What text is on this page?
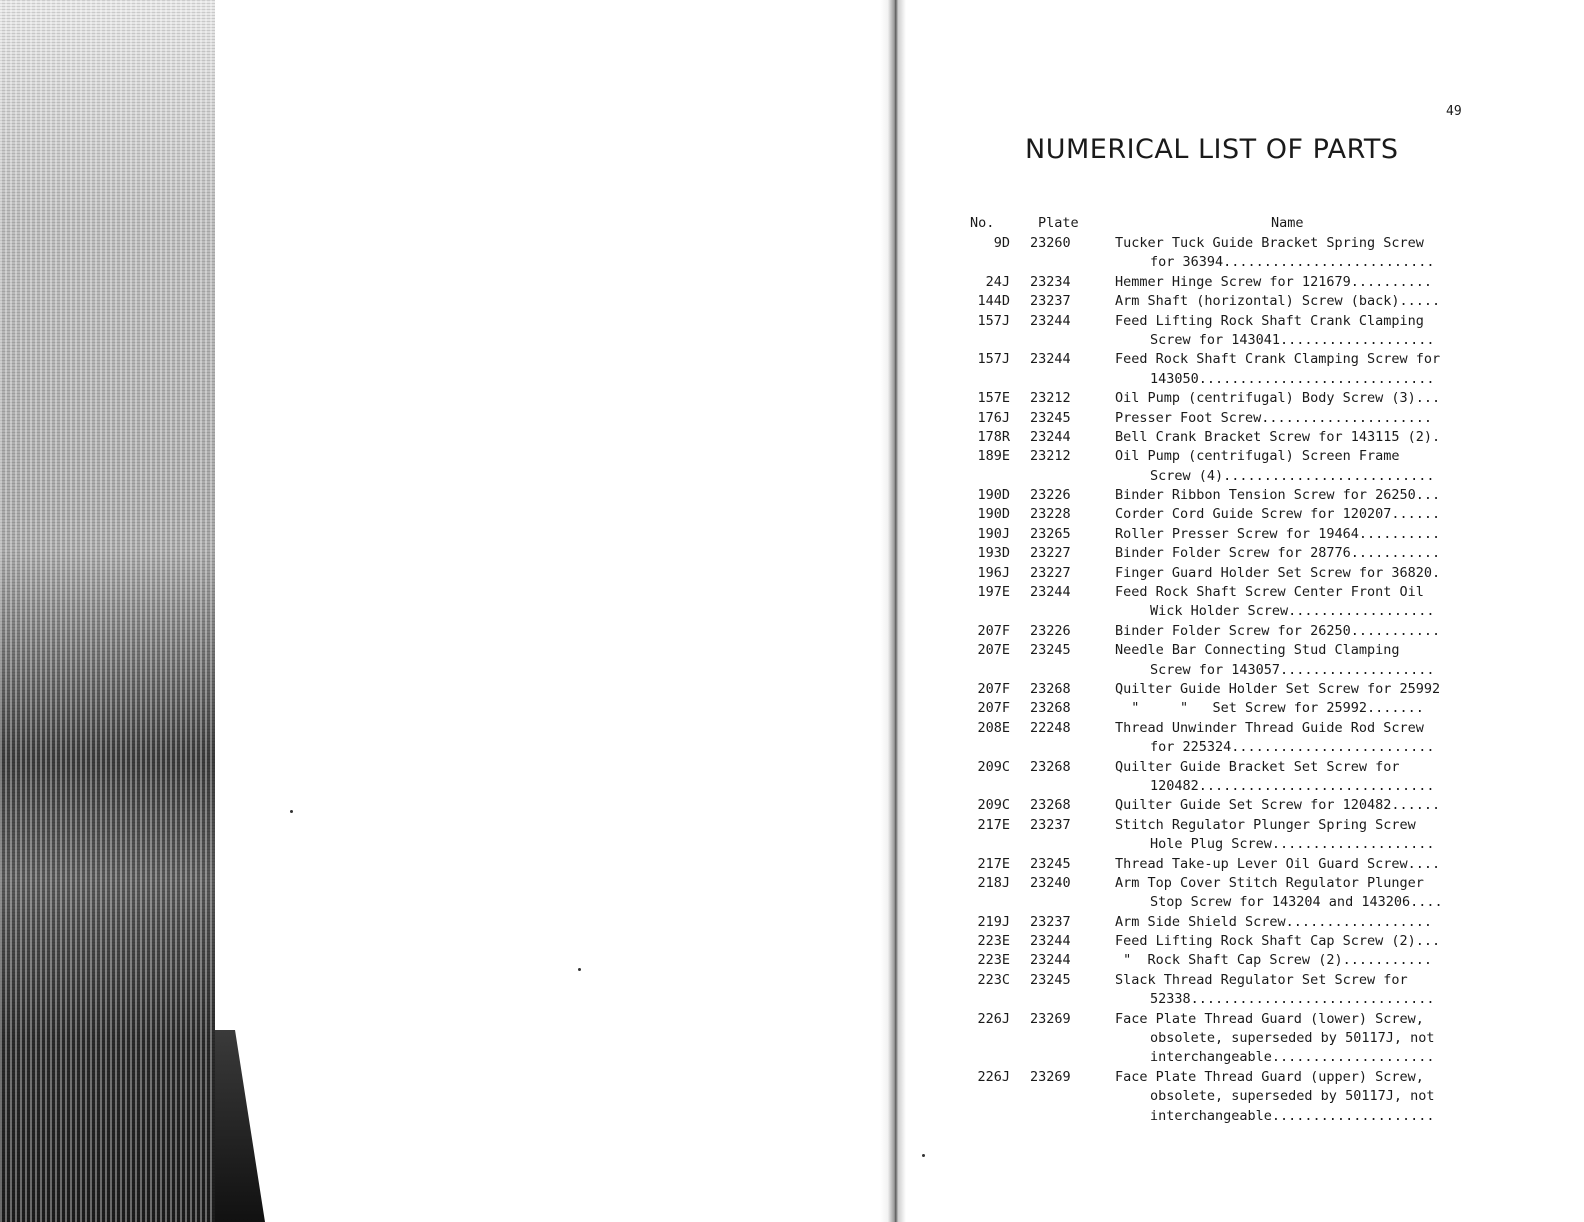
49
NUMERICAL LIST OF PARTS
No.	Plate	Name
9D 23260	Tucker Tuck Guide Bracket Spring Screw
for 36394..........................
24J 23234	Hemmer Hinge Screw for 121679..........
144D 23237	Arm Shaft (horizontal) Screw (back).....
157J 23244	Feed Lifting Rock Shaft Crank Clamping
Screw for 143041...................
157J 23244	Feed Rock Shaft Crank Clamping Screw for
143050.............................
157E 23212	Oil Pump (centrifugal) Body Screw (3)...
176J 23245	Presser Foot Screw.....................
178R 23244	Bell Crank Bracket Screw for 143115 (2).
189E 23212	Oil Pump (centrifugal) Screen Frame
Screw (4)..........................
190D 23226	Binder Ribbon Tension Screw for 26250...
190D 23228	Corder Cord Guide Screw for 120207......
190J 23265	Roller Presser Screw for 19464..........
193D 23227	Binder Folder Screw for 28776...........
196J 23227	Finger Guard Holder Set Screw for 36820.
197E 23244	Feed Rock Shaft Screw Center Front Oil
Wick Holder Screw..................
207F 23226	Binder Folder Screw for 26250...........
207E 23245	Needle Bar Connecting Stud Clamping
Screw for 143057...................
207F 23268	Quilter Guide Holder Set Screw for 25992
207F 23268	"     "   Set Screw for 25992.......
208E 22248	Thread Unwinder Thread Guide Rod Screw
for 225324.........................
209C 23268	Quilter Guide Bracket Set Screw for
120482.............................
209C 23268	Quilter Guide Set Screw for 120482......
217E 23237	Stitch Regulator Plunger Spring Screw
Hole Plug Screw....................
217E 23245	Thread Take-up Lever Oil Guard Screw....
218J 23240	Arm Top Cover Stitch Regulator Plunger
Stop Screw for 143204 and 143206....
219J 23237	Arm Side Shield Screw..................
223E 23244	Feed Lifting Rock Shaft Cap Screw (2)...
223E 23244	"  Rock Shaft Cap Screw (2)...........
223C 23245	Slack Thread Regulator Set Screw for
52338..............................
226J 23269	Face Plate Thread Guard (lower) Screw,
obsolete, superseded by 50117J, not
interchangeable....................
226J 23269	Face Plate Thread Guard (upper) Screw,
obsolete, superseded by 50117J, not
interchangeable....................
